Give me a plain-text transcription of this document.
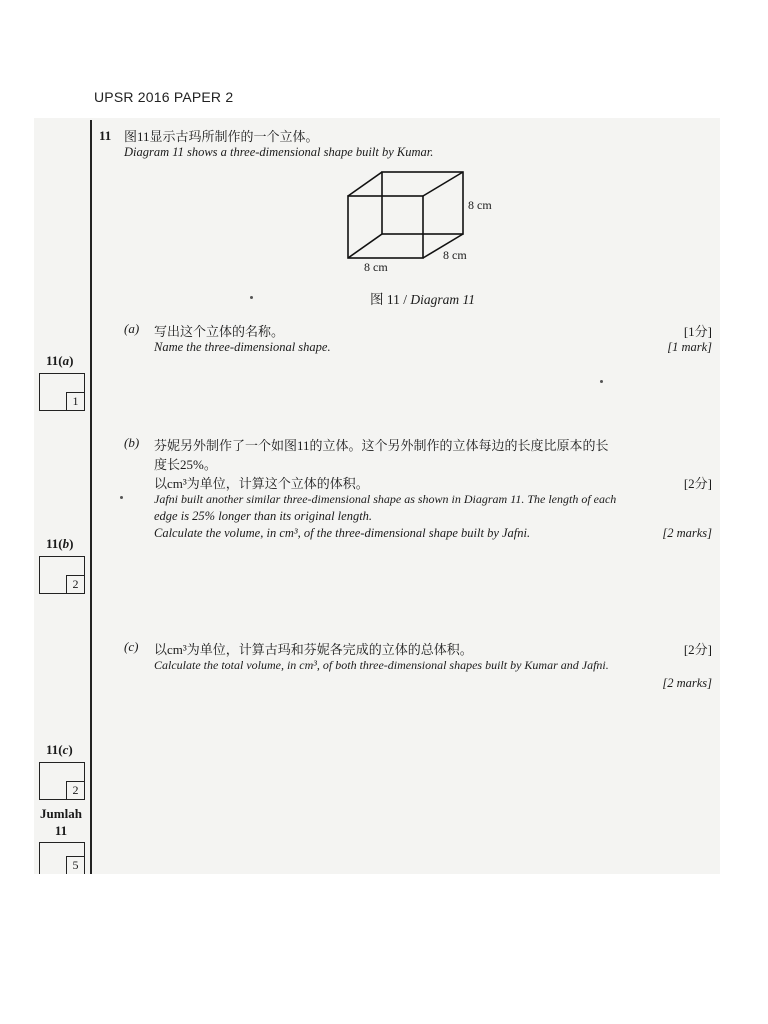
UPSR 2016 PAPER 2
11 图11显示古玛所制作的一个立体。
Diagram 11 shows a three-dimensional shape built by Kumar.
8 cm
8 cm
8 cm
图 11 / Diagram 11
(a) 写出这个立体的名称。	[1分]
Name the three-dimensional shape.	[1 mark]
(b) 芬妮另外制作了一个如图11的立体。这个另外制作的立体每边的长度比原本的长
度长25%。
以cm³为单位，计算这个立体的体积。	[2分]
Jafni built another similar three-dimensional shape as shown in Diagram 11. The length of each
edge is 25% longer than its original length.
Calculate the volume, in cm³, of the three-dimensional shape built by Jafni.	[2 marks]
(c) 以cm³为单位，计算古玛和芬妮各完成的立体的总体积。	[2分]
Calculate the total volume, in cm³, of both three-dimensional shapes built by Kumar and Jafni.
[2 marks]
11(a)
1
11(b)
2
11(c)
2
Jumlah
11
5
